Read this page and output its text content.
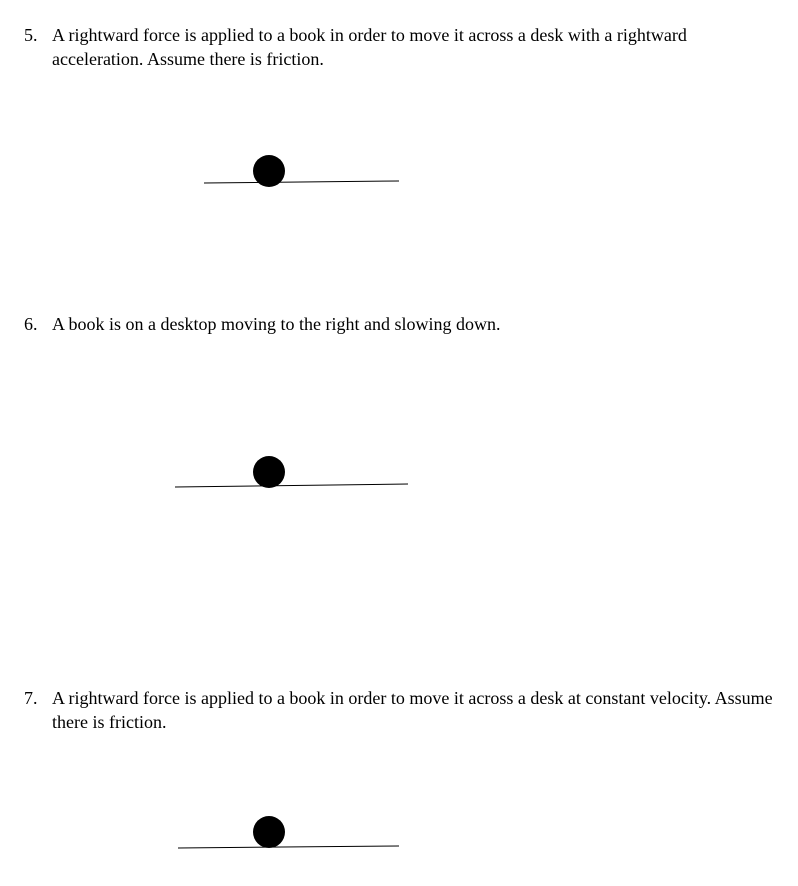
5. A rightward force is applied to a book in order to move it across a desk with a rightward acceleration. Assume there is friction.
6. A book is on a desktop moving to the right and slowing down.
7. A rightward force is applied to a book in order to move it across a desk at constant velocity. Assume there is friction.
